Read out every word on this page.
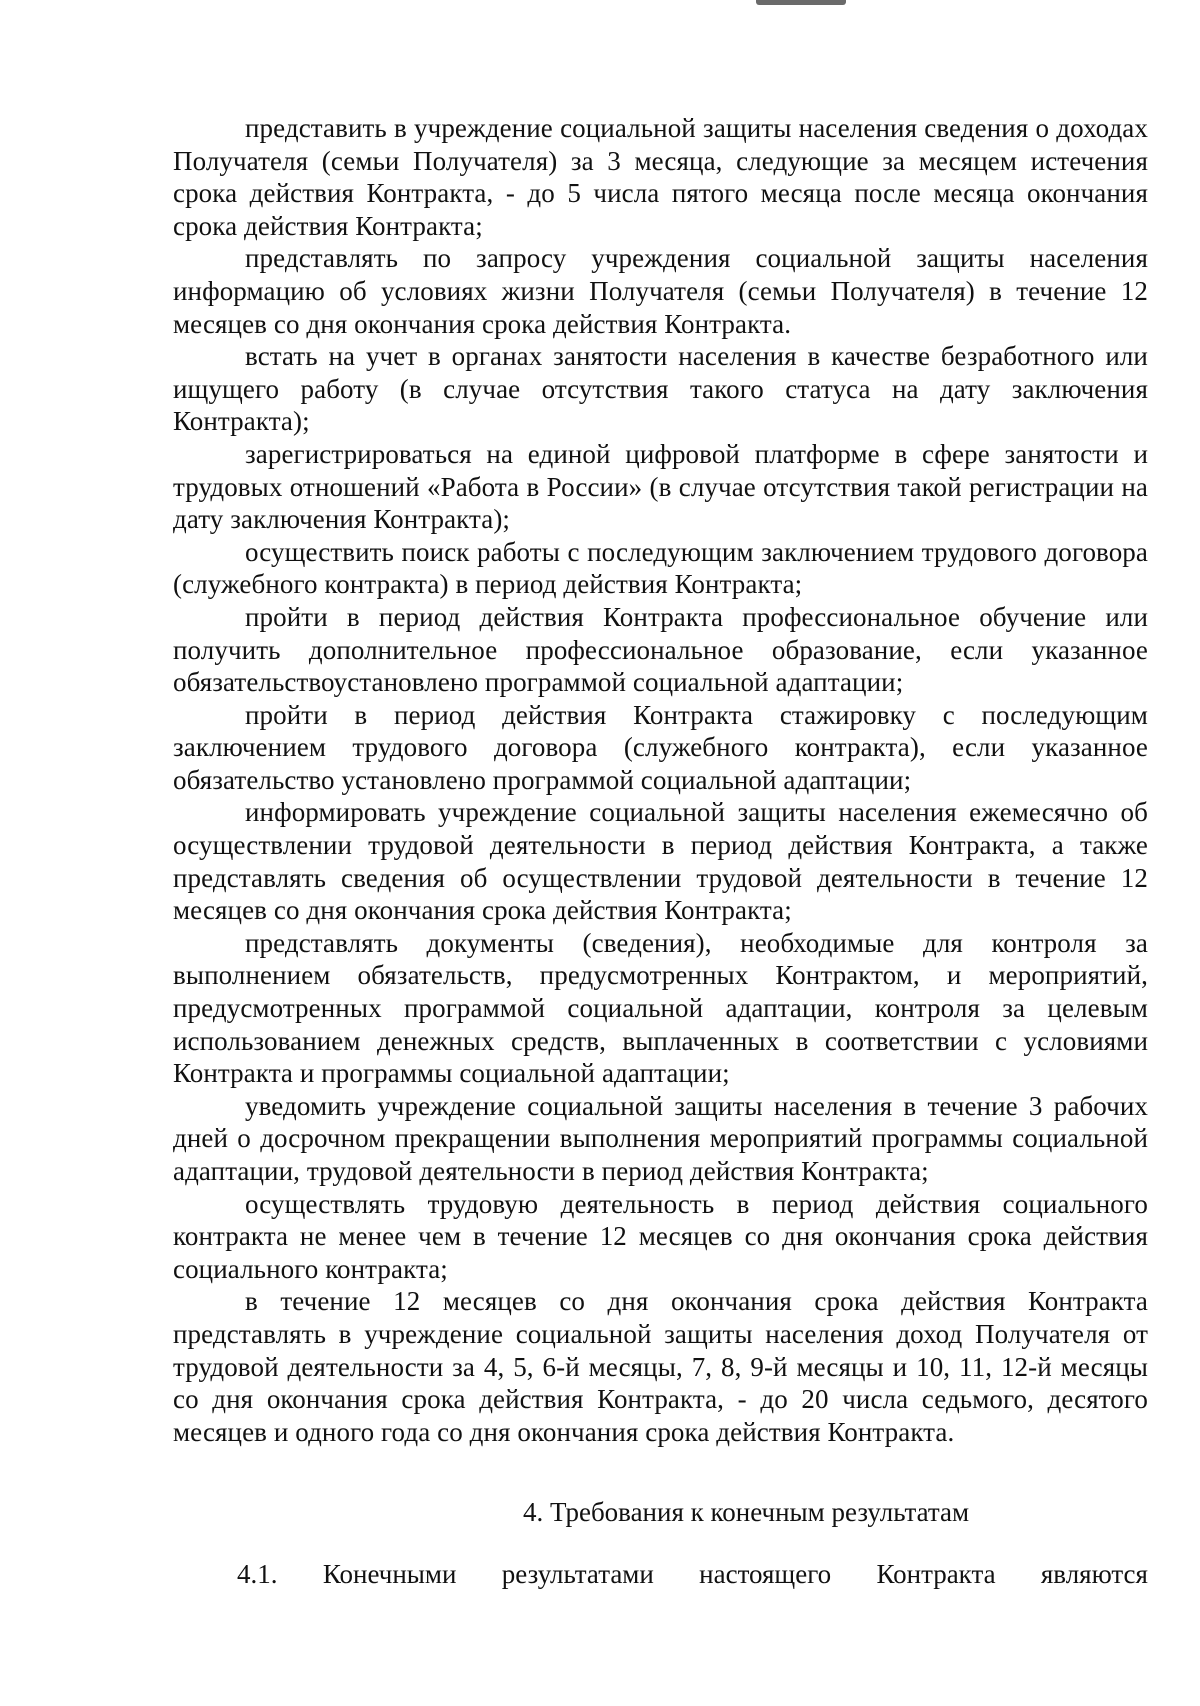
представить в учреждение социальной защиты населения сведения о доходах Получателя (семьи Получателя) за 3 месяца, следующие за месяцем истечения срока действия Контракта, - до 5 числа пятого месяца после месяца окончания срока действия Контракта;

представлять по запросу учреждения социальной защиты населения информацию об условиях жизни Получателя (семьи Получателя) в течение 12 месяцев со дня окончания срока действия Контракта.

встать на учет в органах занятости населения в качестве безработного или ищущего работу (в случае отсутствия такого статуса на дату заключения Контракта);

зарегистрироваться на единой цифровой платформе в сфере занятости и трудовых отношений «Работа в России» (в случае отсутствия такой регистрации на дату заключения Контракта);

осуществить поиск работы с последующим заключением трудового договора (служебного контракта) в период действия Контракта;

пройти в период действия Контракта профессиональное обучение или получить дополнительное профессиональное образование, если указанное обязательствоустановлено программой социальной адаптации;

пройти в период действия Контракта стажировку с последующим заключением трудового договора (служебного контракта), если указанное обязательство установлено программой социальной адаптации;

информировать учреждение социальной защиты населения ежемесячно об осуществлении трудовой деятельности в период действия Контракта, а также представлять сведения об осуществлении трудовой деятельности в течение 12 месяцев со дня окончания срока действия Контракта;

представлять документы (сведения), необходимые для контроля за выполнением обязательств, предусмотренных Контрактом, и мероприятий, предусмотренных программой социальной адаптации, контроля за целевым использованием денежных средств, выплаченных в соответствии с условиями Контракта и программы социальной адаптации;

уведомить учреждение социальной защиты населения в течение 3 рабочих дней о досрочном прекращении выполнения мероприятий программы социальной адаптации, трудовой деятельности в период действия Контракта;

осуществлять трудовую деятельность в период действия социального контракта не менее чем в течение 12 месяцев со дня окончания срока действия социального контракта;

в течение 12 месяцев со дня окончания срока действия Контракта представлять в учреждение социальной защиты населения доход Получателя от трудовой деятельности за 4, 5, 6-й месяцы, 7, 8, 9-й месяцы и 10, 11, 12-й месяцы со дня окончания срока действия Контракта, - до 20 числа седьмого, десятого месяцев и одного года со дня окончания срока действия Контракта.

4. Требования к конечным результатам

4.1. Конечными результатами настоящего Контракта являются
